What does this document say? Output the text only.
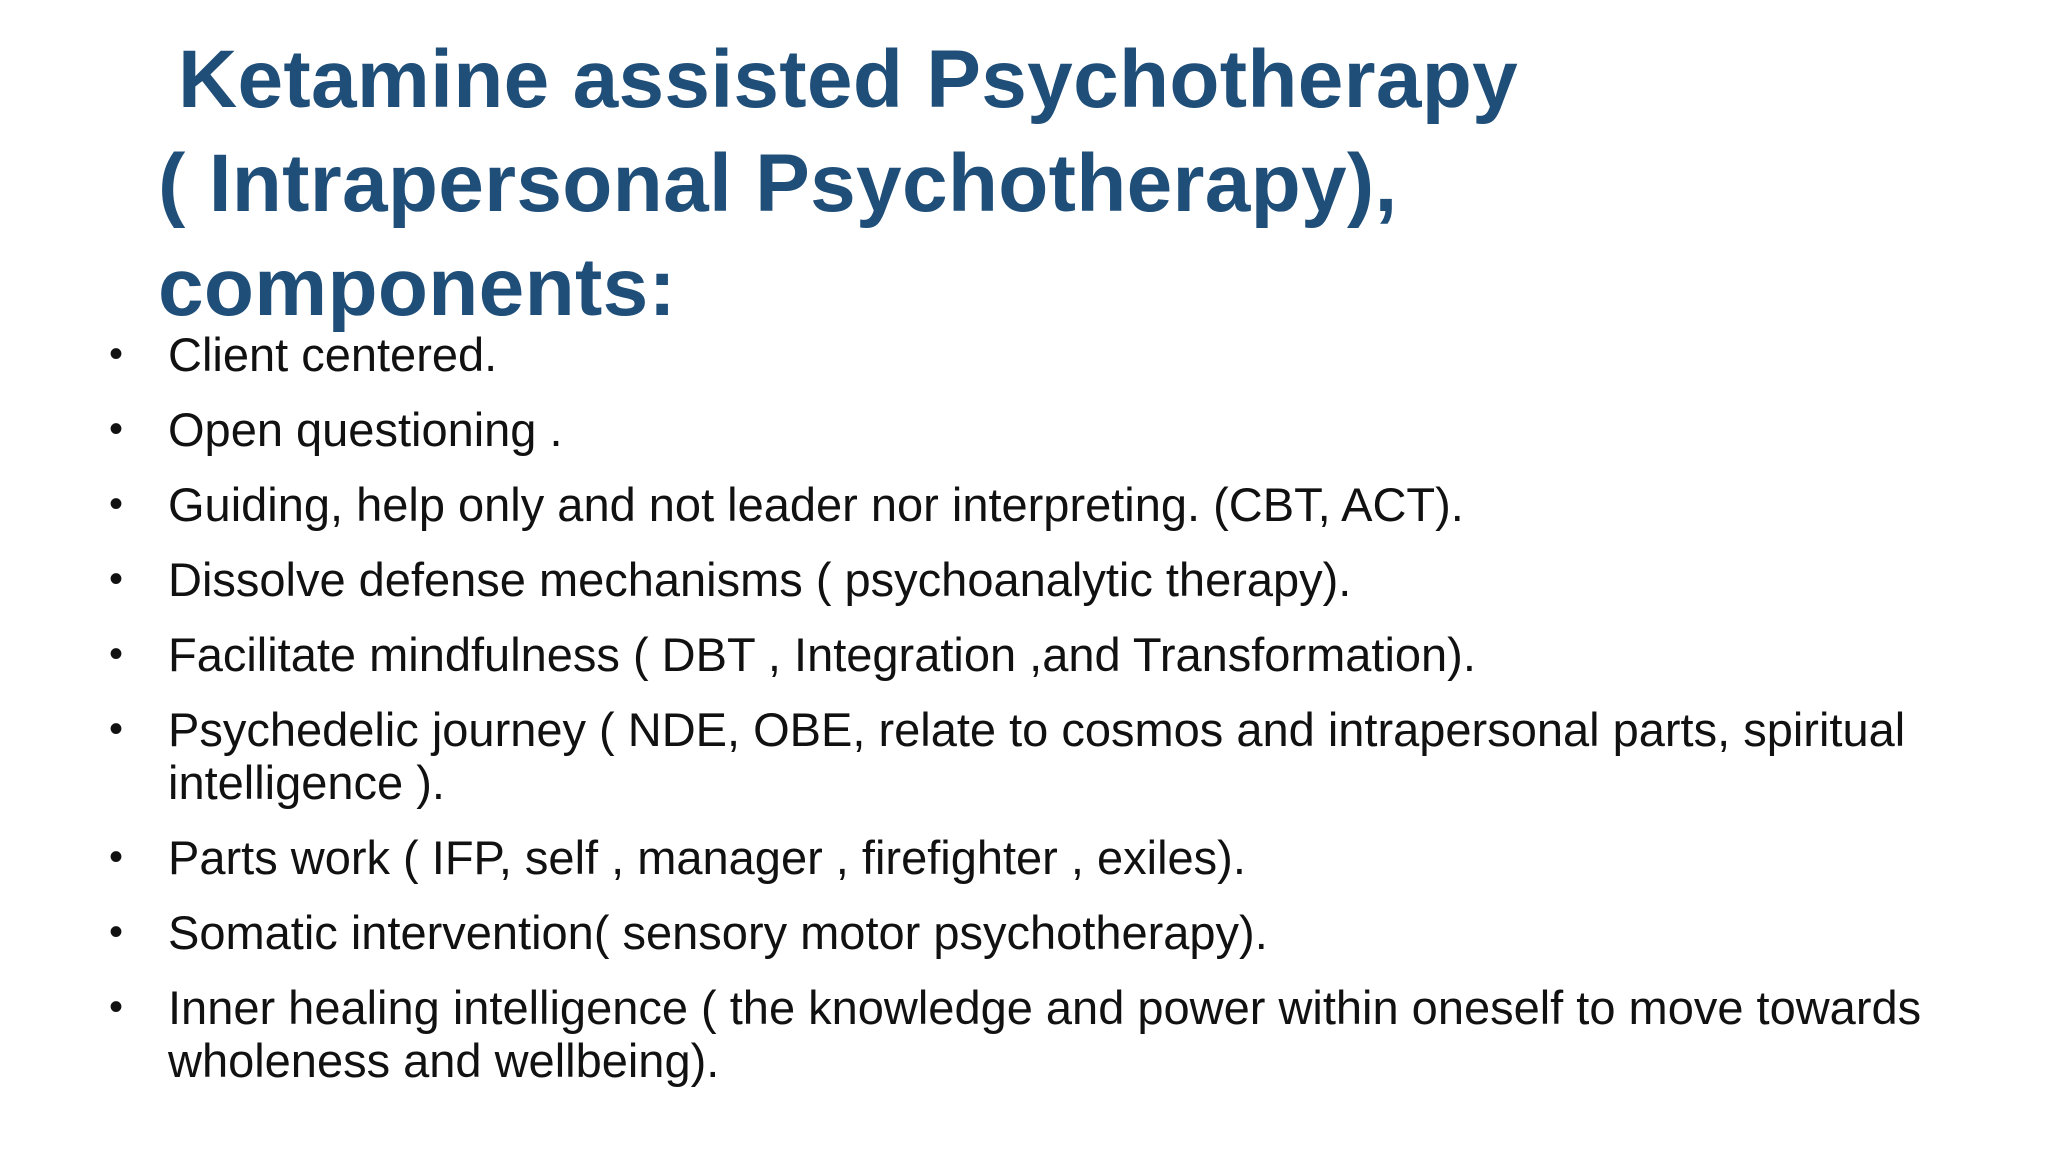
Ketamine assisted Psychotherapy
( Intrapersonal Psychotherapy),
components:
• Client centered.
• Open questioning .
• Guiding, help only and not leader nor interpreting. (CBT, ACT).
• Dissolve defense mechanisms ( psychoanalytic therapy).
• Facilitate mindfulness ( DBT , Integration ,and Transformation).
• Psychedelic journey ( NDE, OBE, relate to cosmos and intrapersonal parts, spiritual intelligence ).
• Parts work ( IFP, self , manager , firefighter , exiles).
• Somatic intervention( sensory motor psychotherapy).
• Inner healing intelligence ( the knowledge and power within oneself to move towards wholeness and wellbeing).
